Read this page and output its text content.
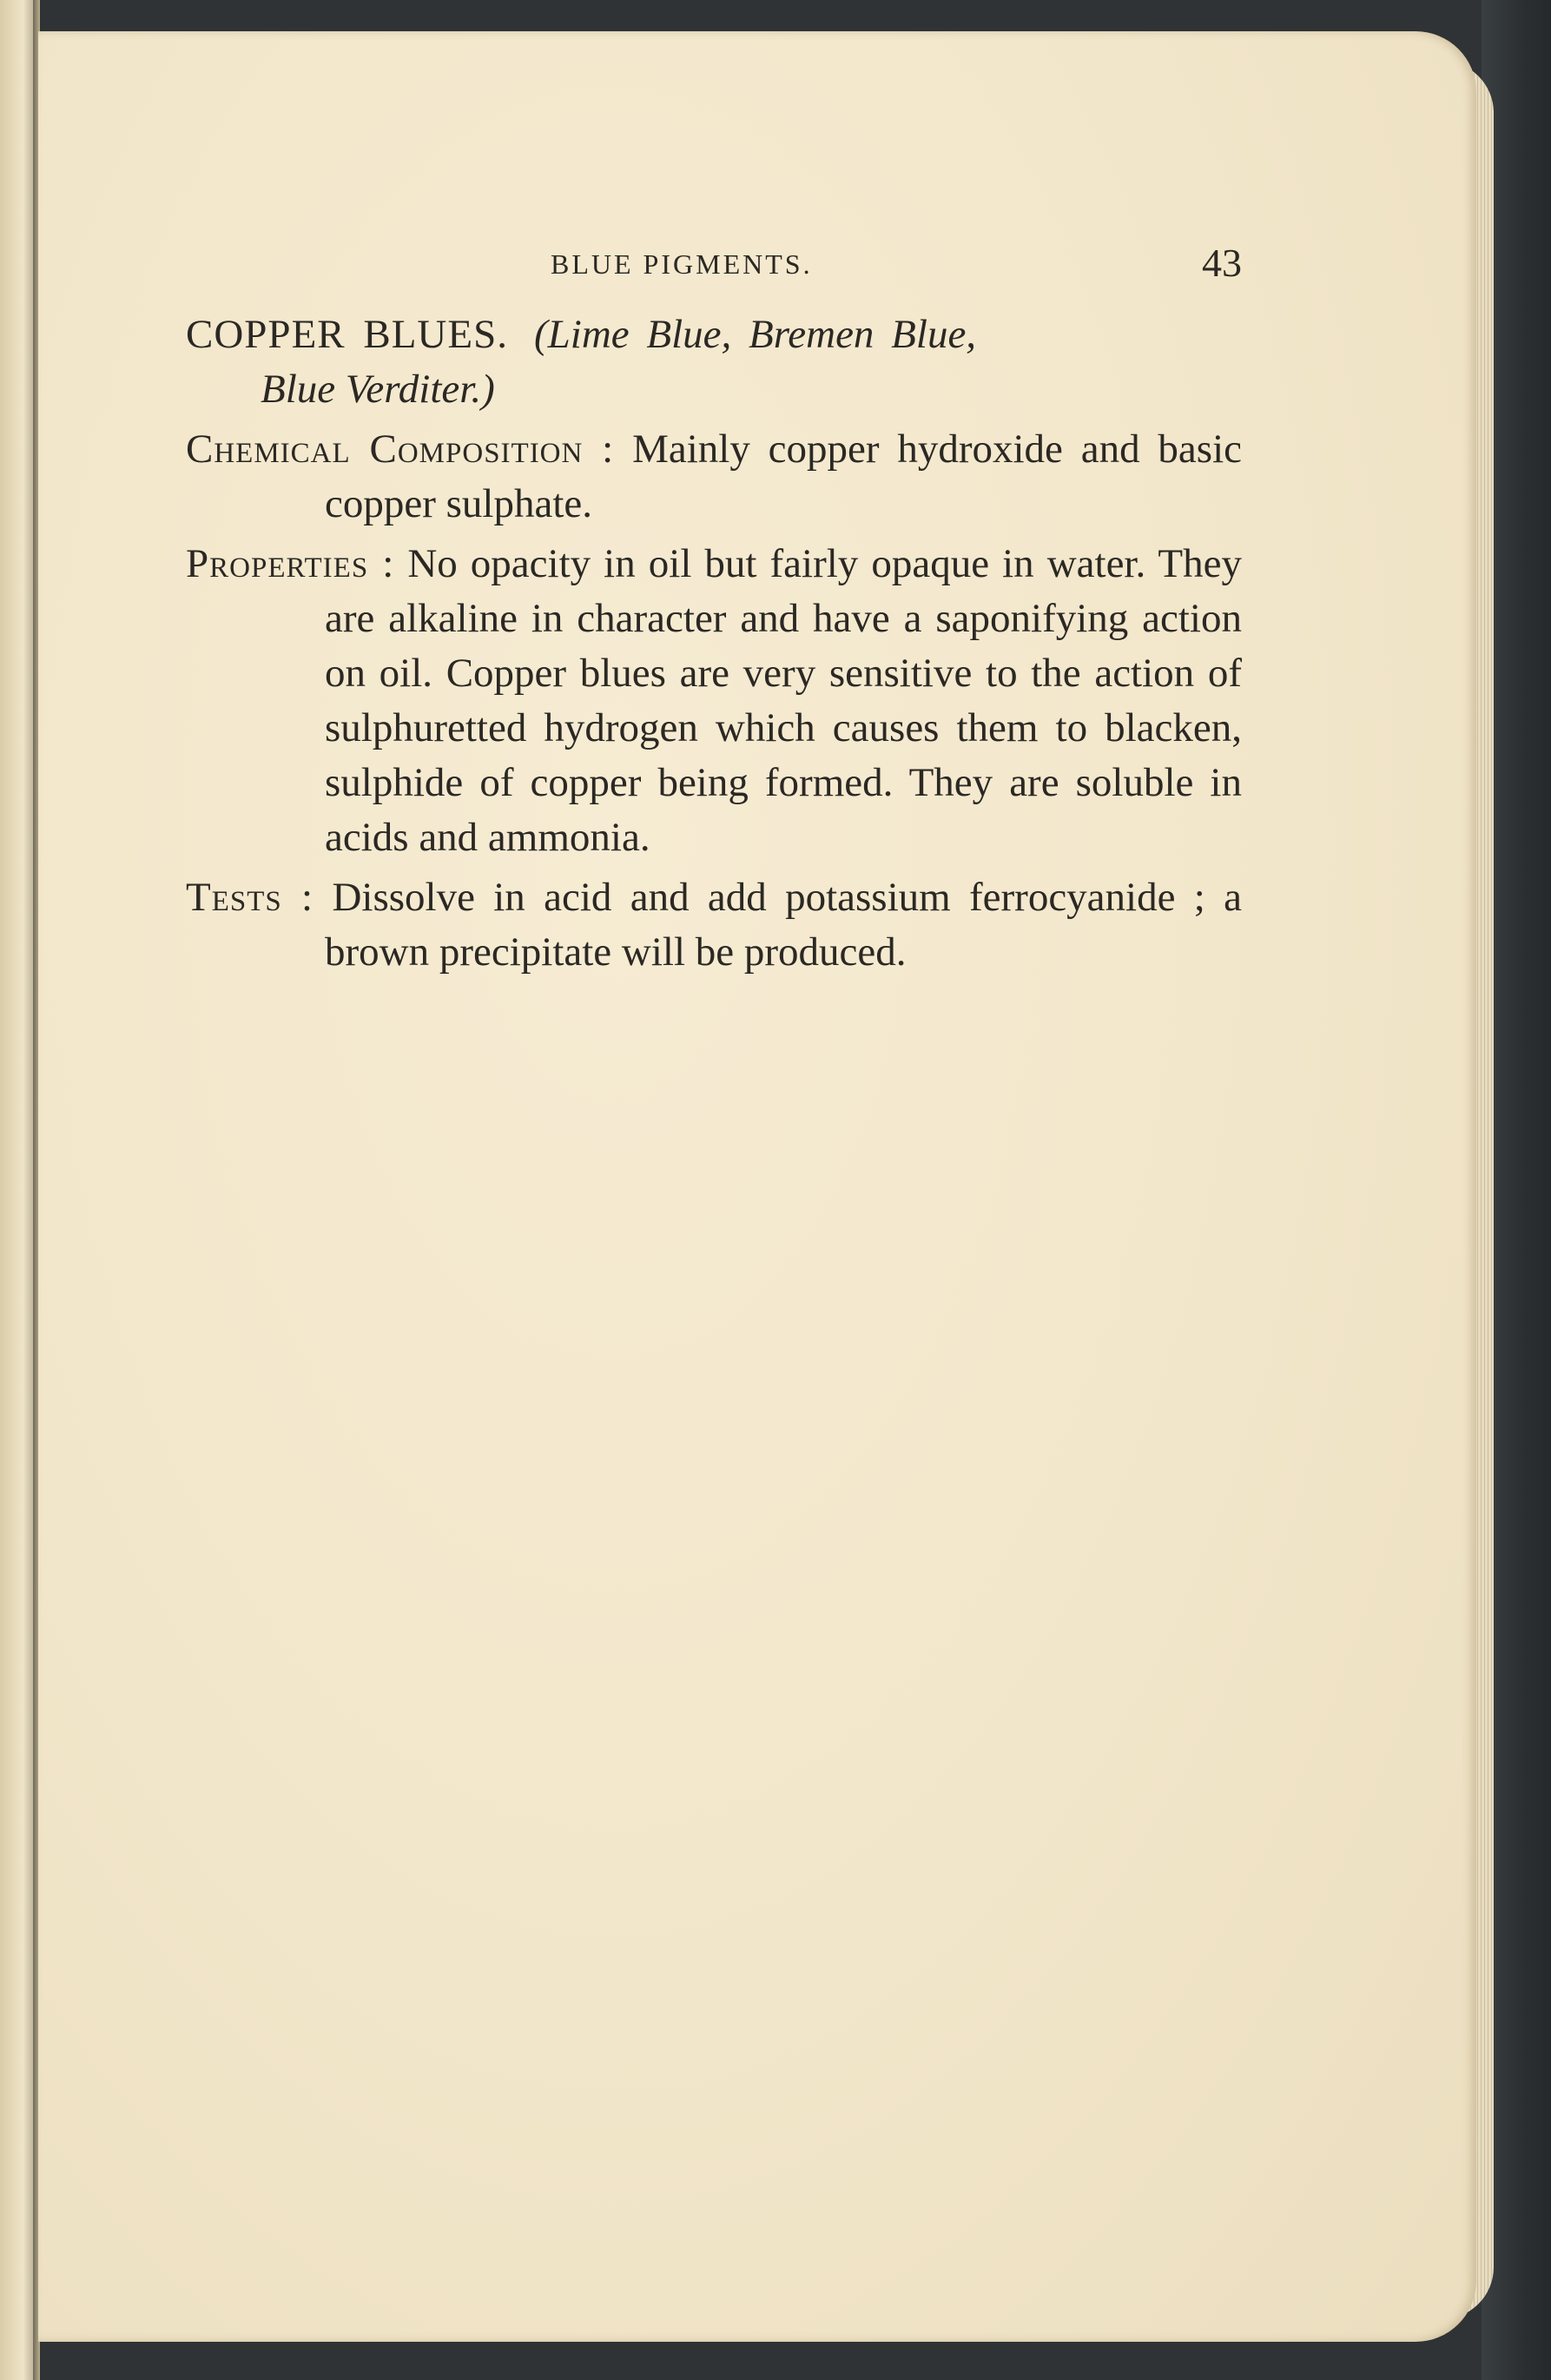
BLUE PIGMENTS.	43
COPPER BLUES. (Lime Blue, Bremen Blue,
Blue Verditer.)
Chemical Composition : Mainly copper hydroxide and basic copper sulphate.
Properties : No opacity in oil but fairly opaque in water. They are alkaline in character and have a saponifying action on oil. Copper blues are very sensitive to the action of sulphuretted hydrogen which causes them to blacken, sulphide of copper being formed. They are soluble in acids and ammonia.
Tests : Dissolve in acid and add potassium ferrocyanide ; a brown precipitate will be produced.
